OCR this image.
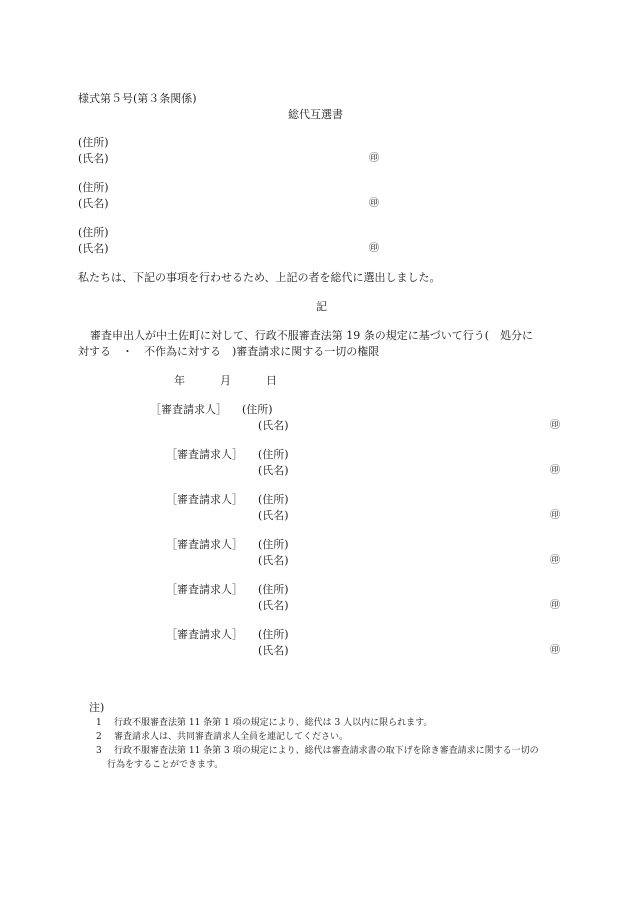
様式第５号(第３条関係)
総代互選書
(住所)
(氏名)	㊞
(住所)
(氏名)	㊞
(住所)
(氏名)	㊞
私たちは、下記の事項を行わせるため、上記の者を総代に選出しました。
記
審査申出人が中土佐町に対して、行政不服審査法第 19 条の規定に基づいて行う(　処分に
対する　・　不作為に対する　)審査請求に関する一切の権限
年	月	日
［審査請求人］ (住所)
(氏名)	㊞
［審査請求人］ (住所)
(氏名)	㊞
［審査請求人］ (住所)
(氏名)	㊞
［審査請求人］ (住所)
(氏名)	㊞
［審査請求人］ (住所)
(氏名)	㊞
［審査請求人］ (住所)
(氏名)	㊞
注)
1 行政不服審査法第 11 条第 1 項の規定により、総代は 3 人以内に限られます。
2 審査請求人は、共同審査請求人全員を連記してください。
3 行政不服審査法第 11 条第 3 項の規定により、総代は審査請求書の取下げを除き審査請求に関する一切の
行為をすることができます。
